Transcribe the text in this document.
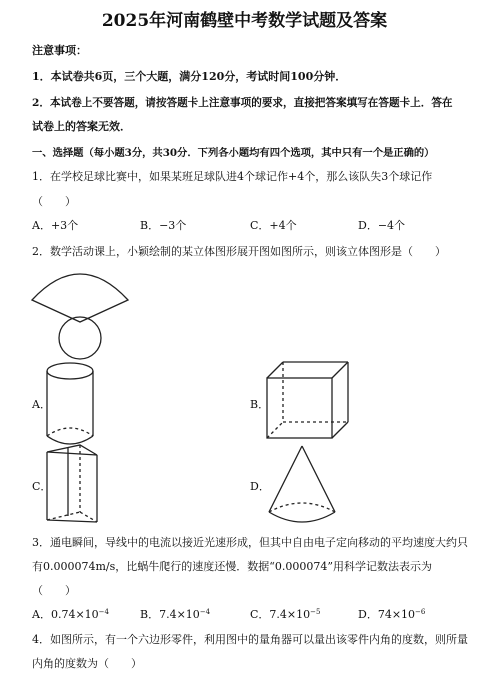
2025年河南鹤壁中考数学试题及答案
注意事项：
1．本试卷共6页，三个大题，满分120分，考试时间100分钟．
2．本试卷上不要答题，请按答题卡上注意事项的要求，直接把答案填写在答题卡上．答在
试卷上的答案无效．
一、选择题（每小题3分，共30分．下列各小题均有四个选项，其中只有一个是正确的）
1．在学校足球比赛中，如果某班足球队进4个球记作+4个，那么该队失3个球记作
（　　）
A．+3个	B．−3个	C．+4个	D．−4个
2．数学活动课上，小颖绘制的某立体图形展开图如图所示，则该立体图形是（　　）
A．	B．
C．	D．
3．通电瞬间，导线中的电流以接近光速形成，但其中自由电子定向移动的平均速度大约只
有0.000074m/s，比蜗牛爬行的速度还慢．数据“0.000074”用科学记数法表示为
（　　）
A．$0.74\times 10^{-4}$	B．$7.4\times 10^{-4}$	C．$7.4\times 10^{-5}$	D．$74\times 10^{-6}$
4．如图所示，有一个六边形零件，利用图中的量角器可以量出该零件内角的度数，则所量
内角的度数为（　　）
